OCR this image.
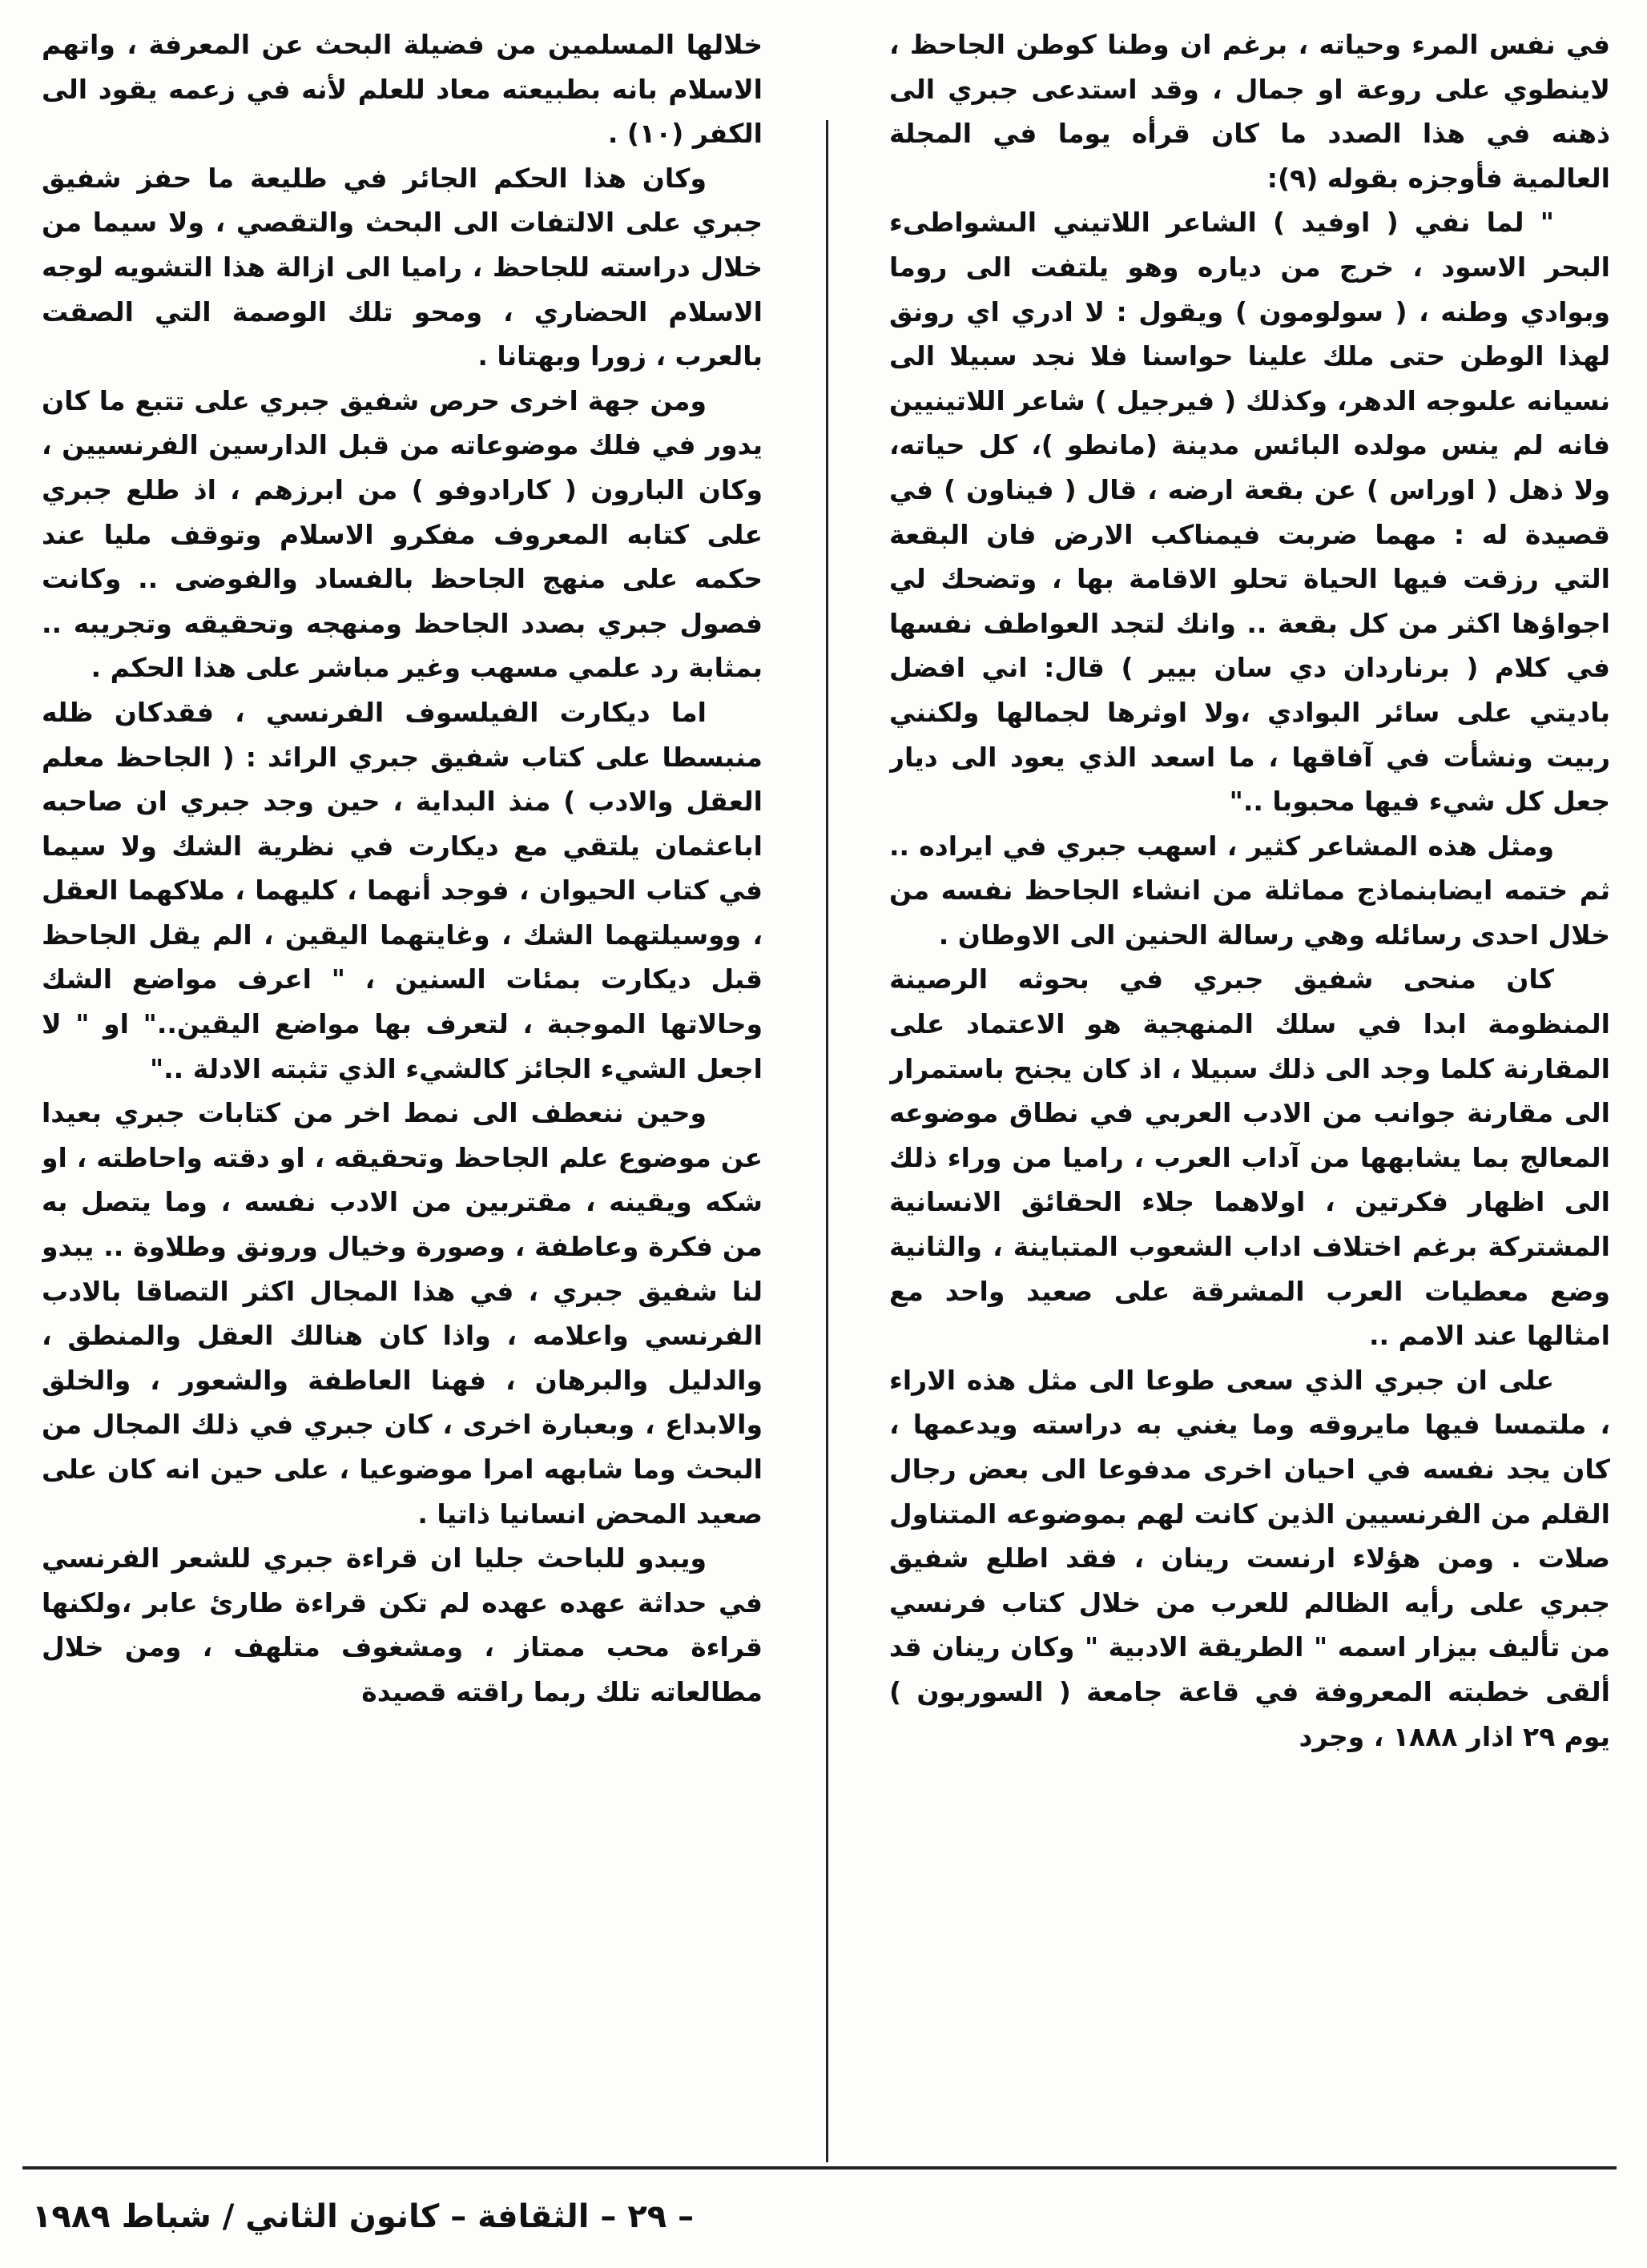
في نفس المرء وحياته ، برغم ان وطنا كوطن الجاحظ ، لاينطوي على روعة او جمال ، وقد استدعى جبري الى ذهنه في هذا الصدد ما كان قرأه يوما في المجلة العالمية فأوجزه بقوله (٩):

" لما نفي ( اوفيد ) الشاعر اللاتيني الىشواطىء البحر الاسود ، خرج من دياره وهو يلتفت الى روما وبوادي وطنه ، ( سولومون ) ويقول : لا ادري اي رونق لهذا الوطن حتى ملك علينا حواسنا فلا نجد سبيلا الى نسيانه علىوجه الدهر، وكذلك ( فيرجيل ) شاعر اللاتينيين فانه لم ينس مولده البائس مدينة (مانطو )، كل حياته، ولا ذهل ( اوراس ) عن بقعة ارضه ، قال ( فيناون ) في قصيدة له : مهما ضربت فيمناكب الارض فان البقعة التي رزقت فيها الحياة تحلو الاقامة بها ، وتضحك لي اجواؤها اكثر من كل بقعة .. وانك لتجد العواطف نفسها في كلام ( برناردان دي سان بيير ) قال: اني افضل باديتي على سائر البوادي ،ولا اوثرها لجمالها ولكنني ربيت ونشأت في آفاقها ، ما اسعد الذي يعود الى ديار جعل كل شيء فيها محبوبا .."

ومثل هذه المشاعر كثير ، اسهب جبري في ايراده .. ثم ختمه ايضابنماذج مماثلة من انشاء الجاحظ نفسه من خلال احدى رسائله وهي رسالة الحنين الى الاوطان .

كان منحى شفيق جبري في بحوثه الرصينة المنظومة ابدا في سلك المنهجية هو الاعتماد على المقارنة كلما وجد الى ذلك سبيلا ، اذ كان يجنح باستمرار الى مقارنة جوانب من الادب العربي في نطاق موضوعه المعالج بما يشابهها من آداب العرب ، راميا من وراء ذلك الى اظهار فكرتين ، اولاهما جلاء الحقائق الانسانية المشتركة برغم اختلاف اداب الشعوب المتباينة ، والثانية وضع معطيات العرب المشرقة على صعيد واحد مع امثالها عند الامم ..

على ان جبري الذي سعى طوعا الى مثل هذه الاراء ، ملتمسا فيها مايروقه وما يغني به دراسته ويدعمها ، كان يجد نفسه في احيان اخرى مدفوعا الى بعض رجال القلم من الفرنسيين الذين كانت لهم بموضوعه المتناول صلات . ومن هؤلاء ارنست رينان ، فقد اطلع شفيق جبري على رأيه الظالم للعرب من خلال كتاب فرنسي من تأليف بيزار اسمه " الطريقة الادبية " وكان رينان قد ألقى خطبته المعروفة في قاعة جامعة ( السوربون ) يوم ٢٩ اذار ١٨٨٨ ، وجرد

خلالها المسلمين من فضيلة البحث عن المعرفة ، واتهم الاسلام بانه بطبيعته معاد للعلم لأنه في زعمه يقود الى الكفر (١٠) .

وكان هذا الحكم الجائر في طليعة ما حفز شفيق جبري على الالتفات الى البحث والتقصي ، ولا سيما من خلال دراسته للجاحظ ، راميا الى ازالة هذا التشويه لوجه الاسلام الحضاري ، ومحو تلك الوصمة التي الصقت بالعرب ، زورا وبهتانا .

ومن جهة اخرى حرص شفيق جبري على تتبع ما كان يدور في فلك موضوعاته من قبل الدارسين الفرنسيين ، وكان البارون ( كارادوفو ) من ابرزهم ، اذ طلع جبري على كتابه المعروف مفكرو الاسلام وتوقف مليا عند حكمه على منهج الجاحظ بالفساد والفوضى .. وكانت فصول جبري بصدد الجاحظ ومنهجه وتحقيقه وتجريبه .. بمثابة رد علمي مسهب وغير مباشر على هذا الحكم .

اما ديكارت الفيلسوف الفرنسي ، فقدكان ظله منبسطا على كتاب شفيق جبري الرائد : ( الجاحظ معلم العقل والادب ) منذ البداية ، حين وجد جبري ان صاحبه اباعثمان يلتقي مع ديكارت في نظرية الشك ولا سيما في كتاب الحيوان ، فوجد أنهما ، كليهما ، ملاكهما العقل ، ووسيلتهما الشك ، وغايتهما اليقين ، الم يقل الجاحظ قبل ديكارت بمئات السنين ، " اعرف مواضع الشك وحالاتها الموجبة ، لتعرف بها مواضع اليقين.." او " لا اجعل الشيء الجائز كالشيء الذي تثبته الادلة .."

وحين ننعطف الى نمط اخر من كتابات جبري بعيدا عن موضوع علم الجاحظ وتحقيقه ، او دقته واحاطته ، او شكه ويقينه ، مقتربين من الادب نفسه ، وما يتصل به من فكرة وعاطفة ، وصورة وخيال ورونق وطلاوة .. يبدو لنا شفيق جبري ، في هذا المجال اكثر التصاقا بالادب الفرنسي واعلامه ، واذا كان هنالك العقل والمنطق ، والدليل والبرهان ، فهنا العاطفة والشعور ، والخلق والابداع ، وبعبارة اخرى ، كان جبري في ذلك المجال من البحث وما شابهه امرا موضوعيا ، على حين انه كان على صعيد المحض انسانيا ذاتيا .

ويبدو للباحث جليا ان قراءة جبري للشعر الفرنسي في حداثة عهده عهده لم تكن قراءة طارئ عابر ،ولكنها قراءة محب ممتاز ، ومشغوف متلهف ، ومن خلال مطالعاته تلك ربما راقته قصيدة

– ٢٩ – الثقافة – كانون الثاني / شباط ١٩٨٩
